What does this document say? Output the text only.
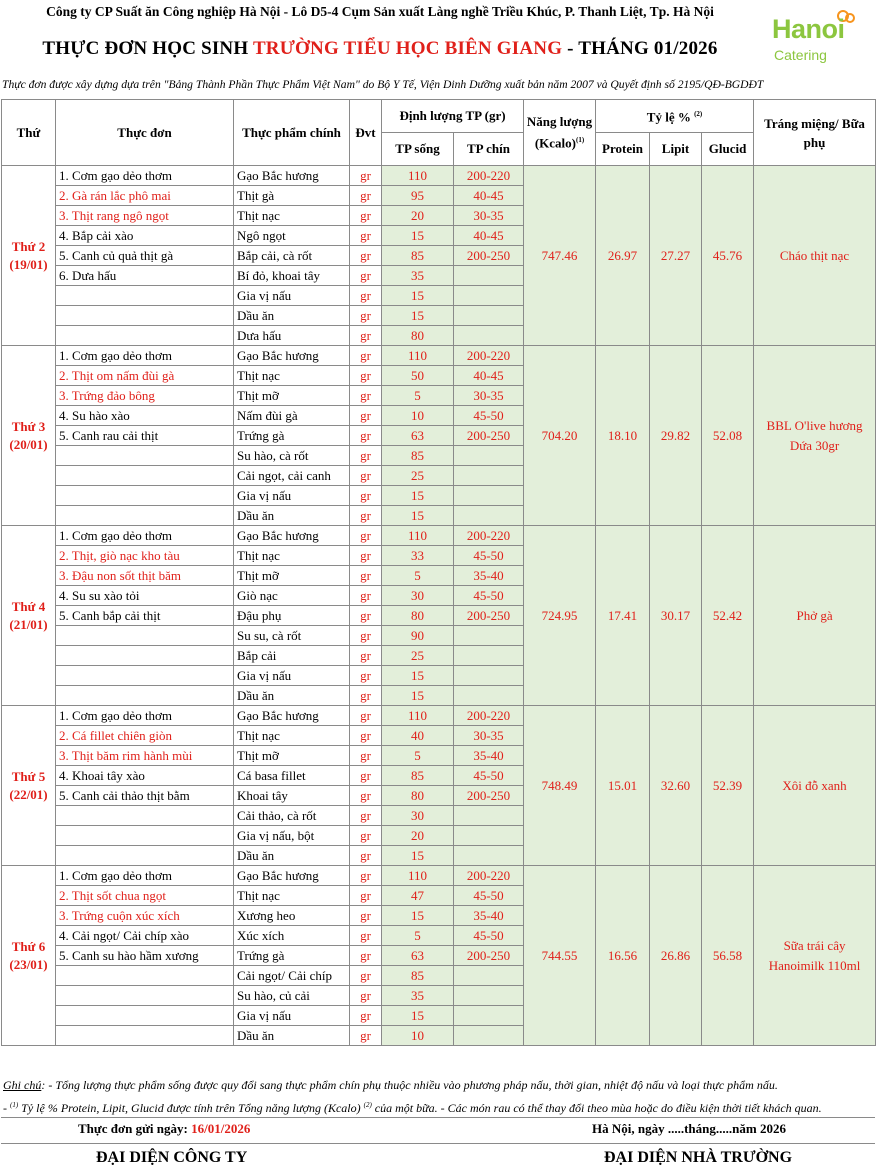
Công ty CP Suất ăn Công nghiệp Hà Nội - Lô D5-4 Cụm Sản xuất Làng nghề Triều Khúc, P. Thanh Liệt, Tp. Hà Nội
THỰC ĐƠN HỌC SINH TRƯỜNG TIỂU HỌC BIÊN GIANG - THÁNG 01/2026
Hanoi
Catering
Thực đơn được xây dựng dựa trên "Bảng Thành Phần Thực Phẩm Việt Nam" do Bộ Y Tế, Viện Dinh Dưỡng xuất bản năm 2007 và Quyết định số 2195/QĐ-BGDĐT
Thứ	Thực đơn	Thực phẩm chính	Đvt	Định lượng TP (gr)		Năng lượng (Kcalo)$^{(1)}$	Tỷ lệ % $^{(2)}$			Tráng miệng/ Bữa phụ
				TP sống	TP chín		Protein	Lipit	Glucid	

Thứ 2
(19/01)	1. Cơm gạo dẻo thơm	Gạo Bắc hương	gr	110	200-220	747.46	26.97	27.27	45.76	Cháo thịt nạc
	2. Gà rán lắc phô mai	Thịt gà	gr	95	40-45					
	3. Thịt rang ngô ngọt	Thịt nạc	gr	20	30-35					
	4. Bắp cải xào	Ngô ngọt	gr	15	40-45					
	5. Canh củ quả thịt gà	Bắp cải, cà rốt	gr	85	200-250					
	6. Dưa hấu	Bí đỏ, khoai tây	gr	35						
		Gia vị nấu	gr	15						
		Dầu ăn	gr	15						
		Dưa hấu	gr	80						

Thứ 3
(20/01)	1. Cơm gạo dẻo thơm	Gạo Bắc hương	gr	110	200-220	704.20	18.10	29.82	52.08	BBL O'live hương Dứa 30gr
	2. Thịt om nấm đùi gà	Thịt nạc	gr	50	40-45					
	3. Trứng đảo bông	Thịt mỡ	gr	5	30-35					
	4. Su hào xào	Nấm đùi gà	gr	10	45-50					
	5. Canh rau cải thịt	Trứng gà	gr	63	200-250					
		Su hào, cà rốt	gr	85						
		Cải ngọt, cải canh	gr	25						
		Gia vị nấu	gr	15						
		Dầu ăn	gr	15						

Thứ 4
(21/01)	1. Cơm gạo dẻo thơm	Gạo Bắc hương	gr	110	200-220	724.95	17.41	30.17	52.42	Phở gà
	2. Thịt, giò nạc kho tàu	Thịt nạc	gr	33	45-50					
	3. Đậu non sốt thịt băm	Thịt mỡ	gr	5	35-40					
	4. Su su xào tỏi	Giò nạc	gr	30	45-50					
	5. Canh bắp cải thịt	Đậu phụ	gr	80	200-250					
		Su su, cà rốt	gr	90						
		Bắp cải	gr	25						
		Gia vị nấu	gr	15						
		Dầu ăn	gr	15						

Thứ 5
(22/01)	1. Cơm gạo dẻo thơm	Gạo Bắc hương	gr	110	200-220	748.49	15.01	32.60	52.39	Xôi đỗ xanh
	2. Cá fillet chiên giòn	Thịt nạc	gr	40	30-35					
	3. Thịt băm rim hành mùi	Thịt mỡ	gr	5	35-40					
	4. Khoai tây xào	Cá basa fillet	gr	85	45-50					
	5. Canh cải thảo thịt bằm	Khoai tây	gr	80	200-250					
		Cải thảo, cà rốt	gr	30						
		Gia vị nấu, bột	gr	20						
		Dầu ăn	gr	15						

Thứ 6
(23/01)	1. Cơm gạo dẻo thơm	Gạo Bắc hương	gr	110	200-220	744.55	16.56	26.86	56.58	Sữa trái cây Hanoimilk 110ml
	2. Thịt sốt chua ngọt	Thịt nạc	gr	47	45-50					
	3. Trứng cuộn xúc xích	Xương heo	gr	15	35-40					
	4. Cải ngọt/ Cải chíp xào	Xúc xích	gr	5	45-50					
	5. Canh su hào hầm xương	Trứng gà	gr	63	200-250					
		Cải ngọt/ Cải chíp	gr	85						
		Su hào, củ cải	gr	35						
		Gia vị nấu	gr	15						
		Dầu ăn	gr	10						
Ghi chú: - Tổng lượng thực phẩm sống được quy đổi sang thực phẩm chín phụ thuộc nhiều vào phương pháp nấu, thời gian, nhiệt độ nấu và loại thực phẩm nấu.
- $^{(1)}$ Tỷ lệ % Protein, Lipit, Glucid được tính trên Tổng năng lượng (Kcalo) $^{(2)}$ của một bữa. - Các món rau có thể thay đổi theo mùa hoặc do điều kiện thời tiết khách quan.
Thực đơn gửi ngày: 16/01/2026	Hà Nội, ngày .....tháng.....năm 2026
ĐẠI DIỆN CÔNG TY	ĐẠI DIỆN NHÀ TRƯỜNG
